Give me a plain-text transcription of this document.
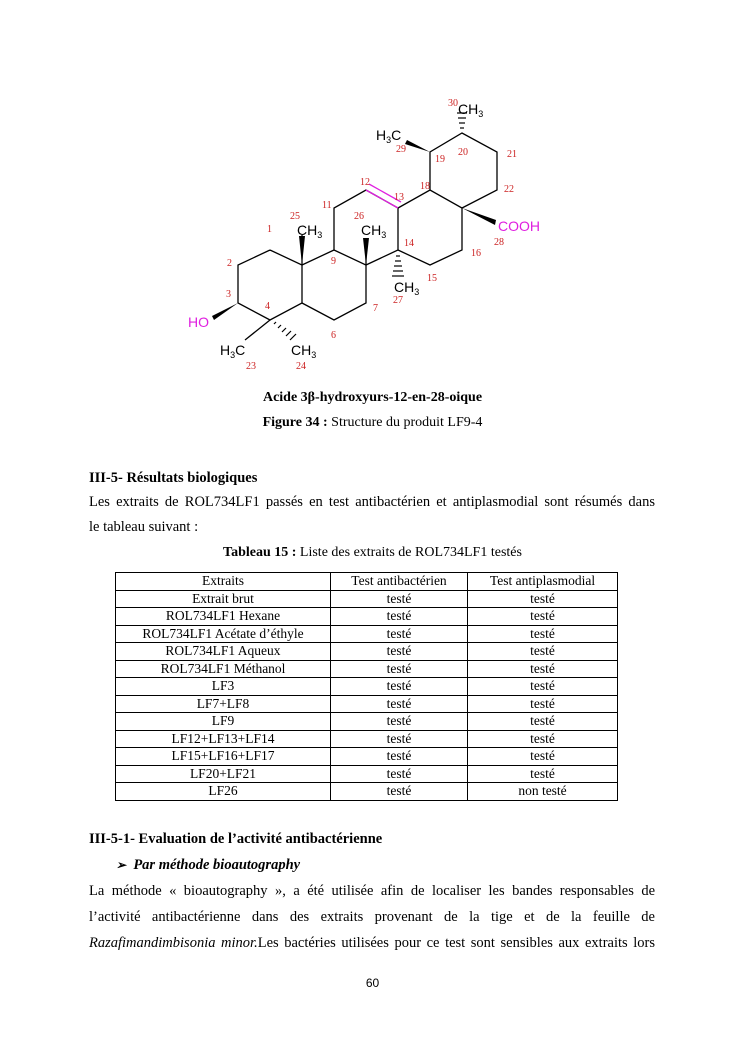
HO
COOH
$H_3C$	$CH_3$
$CH_3$	$CH_3$
$CH_3$
$H_3C$
$CH_3$
1
2
3
4
6
7
9
11
12
13
14
15
16
18
19
20	21
22
25	26
27
28
29
30
23	24
Acide 3β-hydroxyurs-12-en-28-oique
Figure 34 : Structure du produit LF9-4
III-5- Résultats biologiques
Les extraits de ROL734LF1 passés en test antibactérien et antiplasmodial sont résumés dans
le tableau suivant :
Tableau 15 : Liste des extraits de ROL734LF1 testés
Extraits	Test antibactérien	Test antiplasmodial
Extrait brut	testé	testé
ROL734LF1 Hexane	testé	testé
ROL734LF1 Acétate d’éthyle	testé	testé
ROL734LF1 Aqueux	testé	testé
ROL734LF1 Méthanol	testé	testé
LF3	testé	testé
LF7+LF8	testé	testé
LF9	testé	testé
LF12+LF13+LF14	testé	testé
LF15+LF16+LF17	testé	testé
LF20+LF21	testé	testé
LF26	testé	non testé
III-5-1- Evaluation de l’activité antibactérienne
➢ Par méthode bioautography
La méthode « bioautography », a été utilisée afin de localiser les bandes responsables de
l’activité antibactérienne dans des extraits provenant de la tige et de la feuille de
Razafimandimbisonia minor.Les bactéries utilisées pour ce test sont sensibles aux extraits lors
60
